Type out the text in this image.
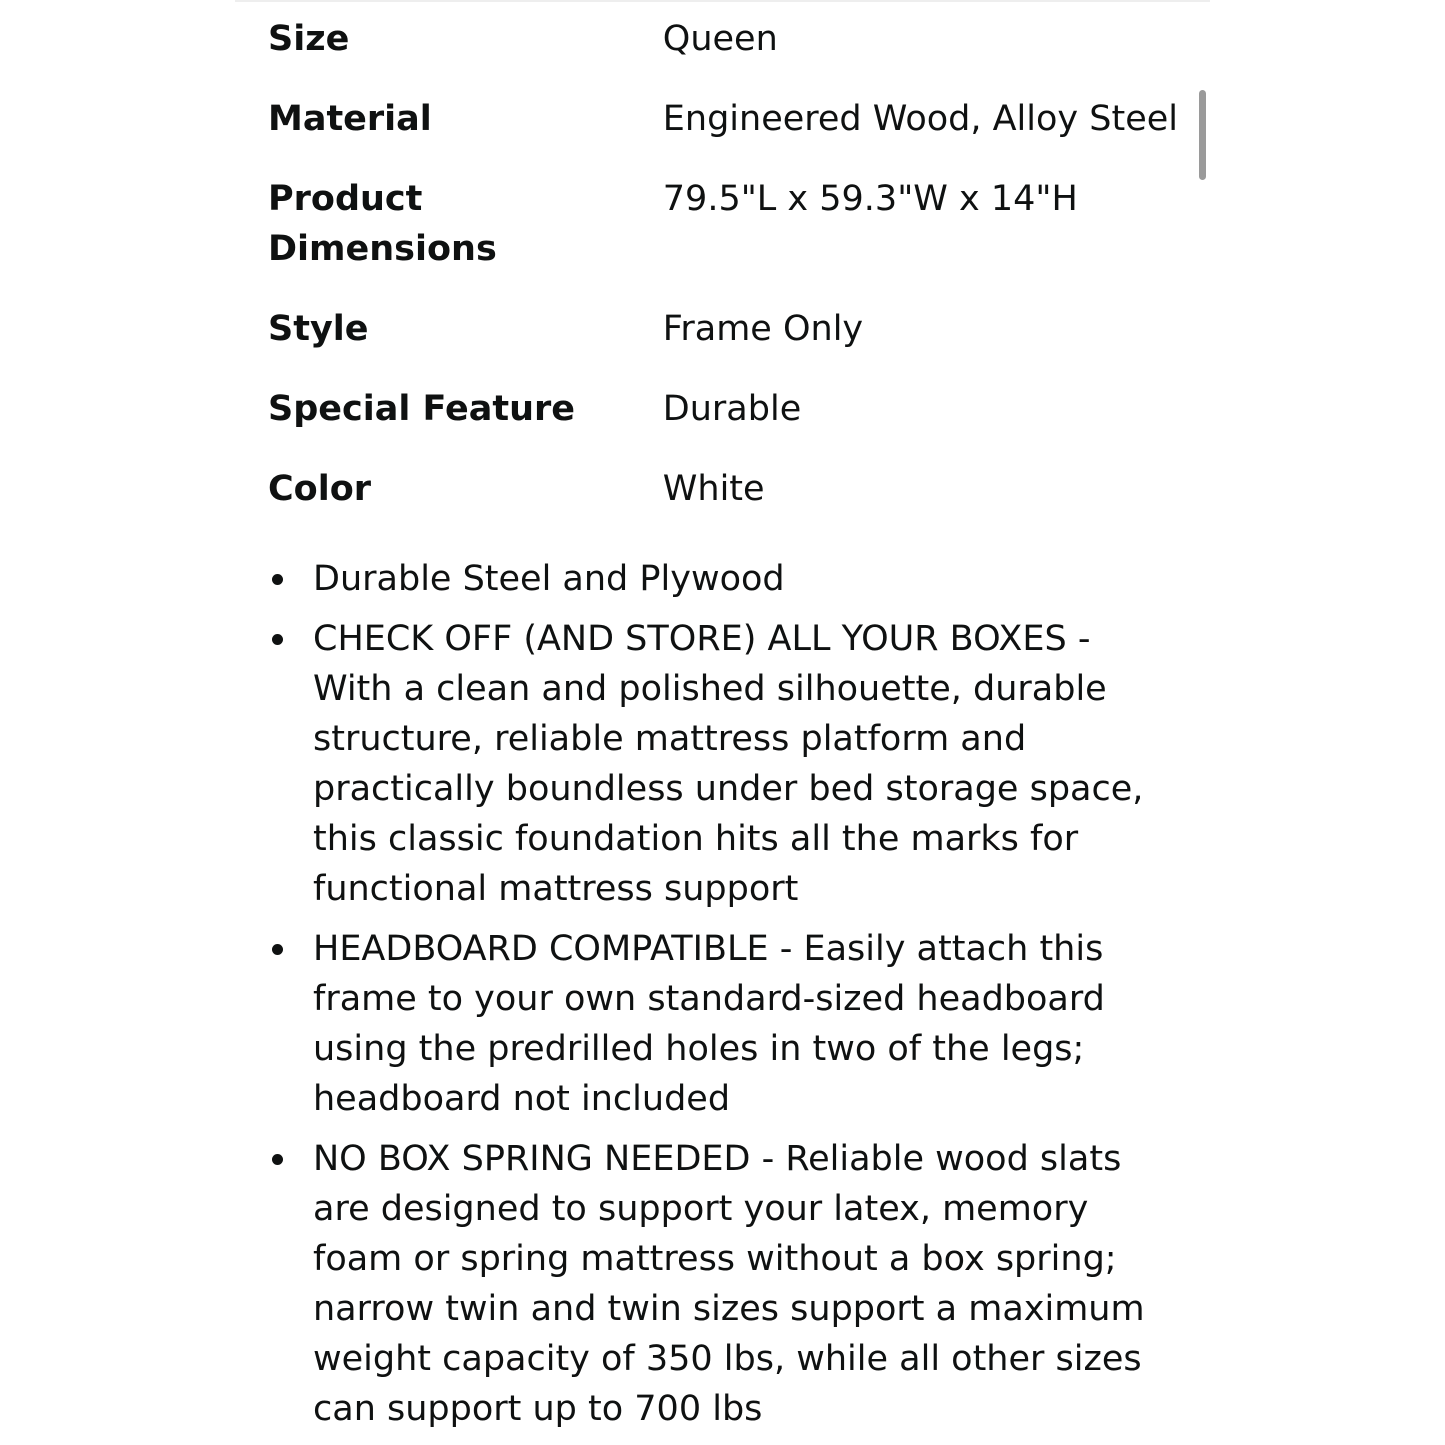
Size	Queen
Material	Engineered Wood, Alloy Steel
Product Dimensions	79.5"L x 59.3"W x 14"H
Style	Frame Only
Special Feature	Durable
Color	White
Durable Steel and Plywood
CHECK OFF (AND STORE) ALL YOUR BOXES - With a clean and polished silhouette, durable structure, reliable mattress platform and practically boundless under bed storage space, this classic foundation hits all the marks for functional mattress support
HEADBOARD COMPATIBLE - Easily attach this frame to your own standard-sized headboard using the predrilled holes in two of the legs; headboard not included
NO BOX SPRING NEEDED - Reliable wood slats are designed to support your latex, memory foam or spring mattress without a box spring; narrow twin and twin sizes support a maximum weight capacity of 350 lbs, while all other sizes can support up to 700 lbs
